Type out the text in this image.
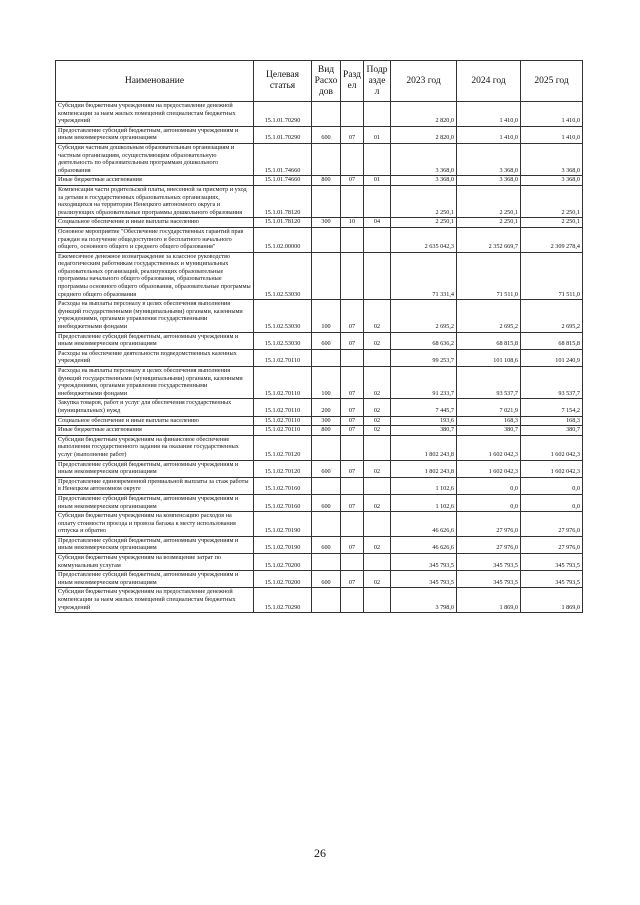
Наименование	Целевая статья	Вид Расхо дов	Разд ел	Подр азде л	2023 год	2024 год	2025 год
Субсидии бюджетным учреждениям на предоставление денежной компенсации за наем жилых помещений специалистам бюджетных учреждений	15.1.01.70290				2 820,0	1 410,0	1 410,0
Предоставление субсидий бюджетным, автономным учреждениям и иным некоммерческим организациям	15.1.01.70290	600	07	01	2 820,0	1 410,0	1 410,0
Субсидии частным дошкольным образовательным организациям и частным организациям, осуществляющим образовательную деятельность по образовательным программам дошкольного образования	15.1.01.74660				3 368,0	3 368,0	3 368,0
Иные бюджетные ассигнования	15.1.01.74660	800	07	01	3 368,0	3 368,0	3 368,0
Компенсация части родительской платы, внесенной за присмотр и уход за детьми в государственных образовательных организациях, находящихся на территории Ненецкого автономного округа и реализующих образовательные программы дошкольного образования	15.1.01.78120				2 250,1	2 250,1	2 250,1
Социальное обеспечение и иные выплаты населению	15.1.01.78120	300	10	04	2 250,1	2 250,1	2 250,1
Основное мероприятие "Обеспечение государственных гарантий прав граждан на получение общедоступного и бесплатного начального общего, основного общего и среднего общего образования"	15.1.02.00000				2 635 042,3	2 352 669,7	2 309 278,4
Ежемесячное денежное вознаграждение за классное руководство педагогическим работникам государственных и муниципальных образовательных организаций, реализующих образовательные программы начального общего образования, образовательные программы основного общего образования, образовательные программы среднего общего образования	15.1.02.53030				71 331,4	71 511,0	71 511,0
Расходы на выплаты персоналу в целях обеспечения выполнения функций государственными (муниципальными) органами, казенными учреждениями, органами управления государственными внебюджетными фондами	15.1.02.53030	100	07	02	2 695,2	2 695,2	2 695,2
Предоставление субсидий бюджетным, автономным учреждениям и иным некоммерческим организациям	15.1.02.53030	600	07	02	68 636,2	68 815,8	68 815,8
Расходы на обеспечение деятельности подведомственных казенных учреждений	15.1.02.70110				99 253,7	101 108,6	101 240,9
Расходы на выплаты персоналу в целях обеспечения выполнения функций государственными (муниципальными) органами, казенными учреждениями, органами управления государственными внебюджетными фондами	15.1.02.70110	100	07	02	91 233,7	93 537,7	93 537,7
Закупка товаров, работ и услуг для обеспечения государственных (муниципальных) нужд	15.1.02.70110	200	07	02	7 445,7	7 021,9	7 154,2
Социальное обеспечение и иные выплаты населению	15.1.02.70110	300	07	02	193,6	168,3	168,3
Иные бюджетные ассигнования	15.1.02.70110	800	07	02	380,7	380,7	380,7
Субсидии бюджетным учреждениям на финансовое обеспечение выполнения государственного задания на оказание государственных услуг (выполнение работ)	15.1.02.70120				1 802 243,8	1 602 042,3	1 602 042,3
Предоставление субсидий бюджетным, автономным учреждениям и иным некоммерческим организациям	15.1.02.70120	600	07	02	1 802 243,8	1 602 042,3	1 602 042,3
Предоставление единовременной премиальной выплаты за стаж работы в Ненецком автономном округе	15.1.02.70160				1 102,6	0,0	0,0
Предоставление субсидий бюджетным, автономным учреждениям и иным некоммерческим организациям	15.1.02.70160	600	07	02	1 102,6	0,0	0,0
Субсидии бюджетным учреждениям на компенсацию расходов на оплату стоимости проезда и провоза багажа к месту использования отпуска и обратно	15.1.02.70190				46 626,6	27 976,0	27 976,0
Предоставление субсидий бюджетным, автономным учреждениям и иным некоммерческим организациям	15.1.02.70190	600	07	02	46 626,6	27 976,0	27 976,0
Субсидии бюджетным учреждениям на возмещение затрат по коммунальным услугам	15.1.02.70200				345 793,5	345 793,5	345 793,5
Предоставление субсидий бюджетным, автономным учреждениям и иным некоммерческим организациям	15.1.02.70200	600	07	02	345 793,5	345 793,5	345 793,5
Субсидии бюджетным учреждениям на предоставление денежной компенсации за наем жилых помещений специалистам бюджетных учреждений	15.1.02.70290				3 798,0	1 869,0	1 869,0
26
